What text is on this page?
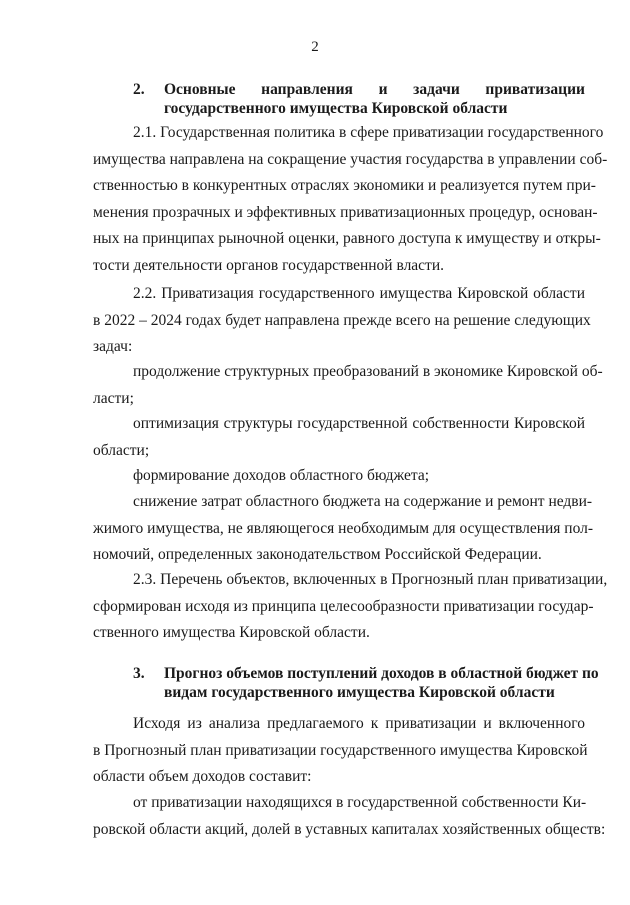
2
2. Основные направления и задачи приватизации
государственного имущества Кировской области
2.1. Государственная политика в сфере приватизации государственного
имущества направлена на сокращение участия государства в управлении соб-
ственностью в конкурентных отраслях экономики и реализуется путем при-
менения прозрачных и эффективных приватизационных процедур, основан-
ных на принципах рыночной оценки, равного доступа к имуществу и откры-
тости деятельности органов государственной власти.
2.2. Приватизация государственного имущества Кировской области
в 2022 – 2024 годах будет направлена прежде всего на решение следующих
задач:
продолжение структурных преобразований в экономике Кировской об-
ласти;
оптимизация структуры государственной собственности Кировской
области;
формирование доходов областного бюджета;
снижение затрат областного бюджета на содержание и ремонт недви-
жимого имущества, не являющегося необходимым для осуществления пол-
номочий, определенных законодательством Российской Федерации.
2.3. Перечень объектов, включенных в Прогнозный план приватизации,
сформирован исходя из принципа целесообразности приватизации государ-
ственного имущества Кировской области.
3. Прогноз объемов поступлений доходов в областной бюджет по
видам государственного имущества Кировской области
Исходя из анализа предлагаемого к приватизации и включенного
в Прогнозный план приватизации государственного имущества Кировской
области объем доходов составит:
от приватизации находящихся в государственной собственности Ки-
ровской области акций, долей в уставных капиталах хозяйственных обществ:
